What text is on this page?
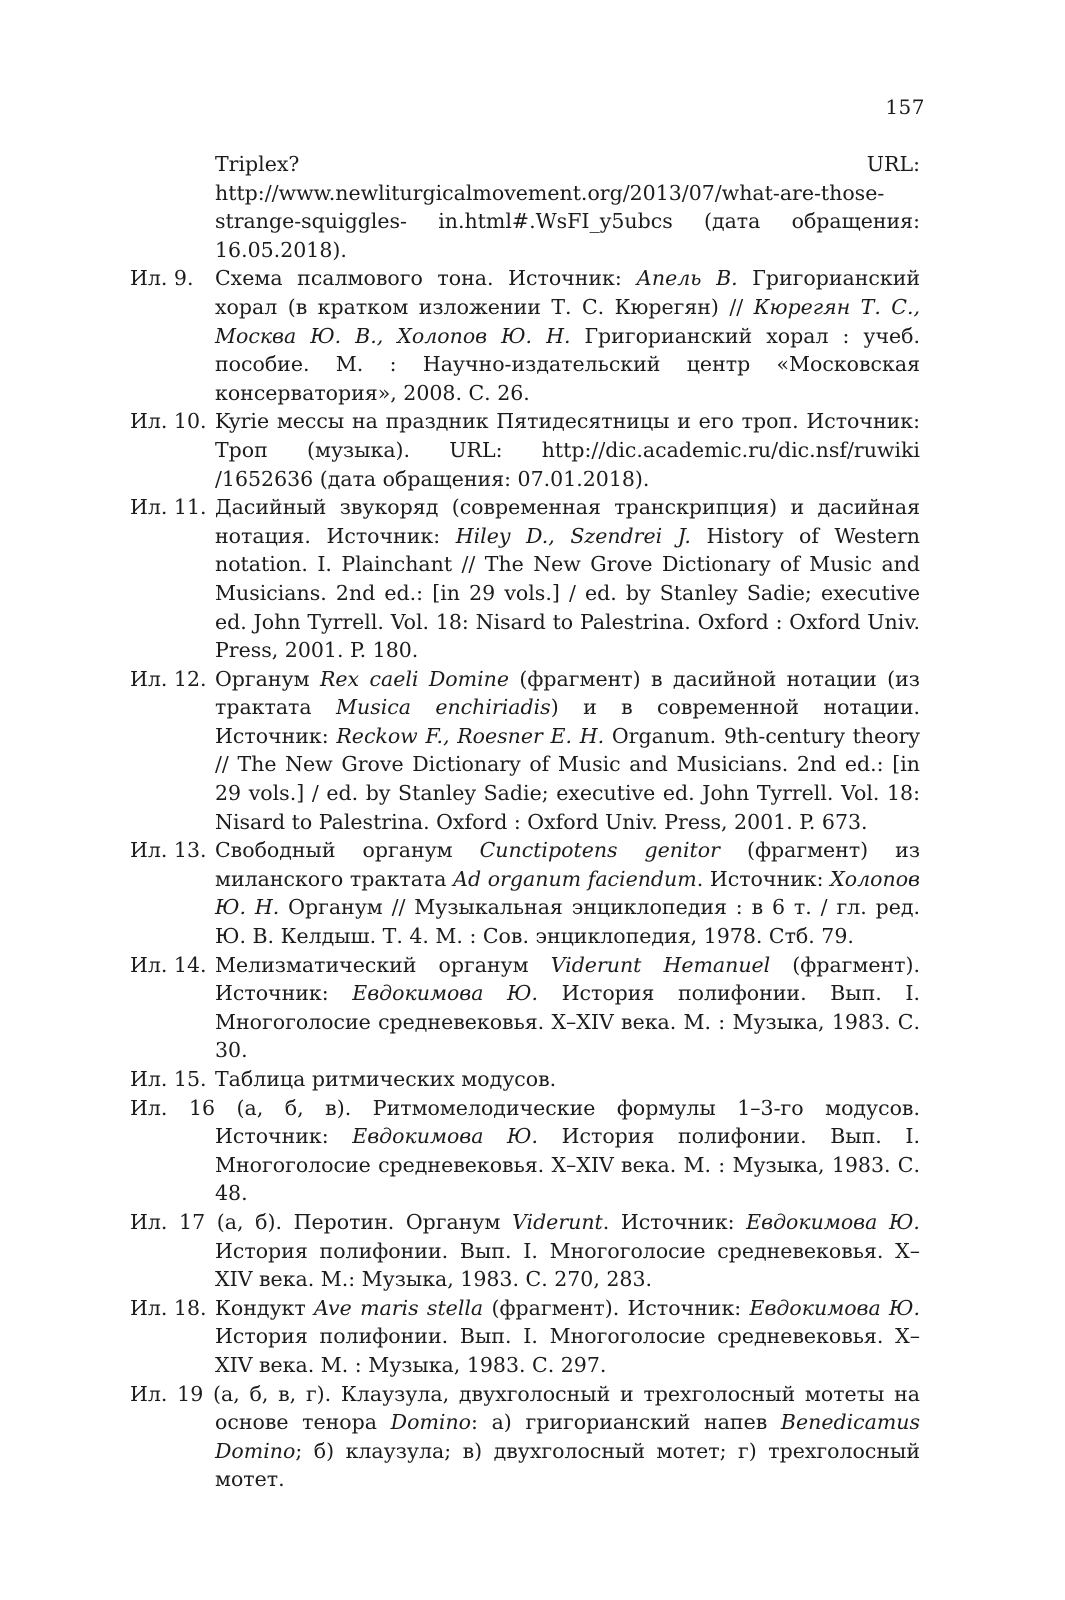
157

Triplex? URL: http://www.newliturgicalmovement.org/2013/07/what-are-those-strange-squiggles- in.html#.WsFI_y5ubcs (дата обращения: 16.05.2018).

Ил. 9. Схема псалмового тона. Источник: Апель В. Григорианский хорал (в кратком изложении Т. С. Кюрегян) // Кюрегян Т. С., Москва Ю. В., Холопов Ю. Н. Григорианский хорал : учеб. пособие. М. : Научно-издательский центр «Московская консерватория», 2008. С. 26.

Ил. 10. Kyrie мессы на праздник Пятидесятницы и его троп. Источник: Троп (музыка). URL: http://dic.academic.ru/dic.nsf/ruwiki /1652636 (дата обращения: 07.01.2018).

Ил. 11. Дасийный звукоряд (современная транскрипция) и дасийная нотация. Источник: Hiley D., Szendrei J. History of Western notation. I. Plainchant // The New Grove Dictionary of Music and Musicians. 2nd ed.: [in 29 vols.] / ed. by Stanley Sadie; executive ed. John Tyrrell. Vol. 18: Nisard to Palestrina. Oxford : Oxford Univ. Press, 2001. P. 180.

Ил. 12. Органум Rex caeli Domine (фрагмент) в дасийной нотации (из трактата Musica enchiriadis) и в современной нотации. Источник: Reckow F., Roesner E. H. Organum. 9th-century theory // The New Grove Dictionary of Music and Musicians. 2nd ed.: [in 29 vols.] / ed. by Stanley Sadie; executive ed. John Tyrrell. Vol. 18: Nisard to Palestrina. Oxford : Oxford Univ. Press, 2001. P. 673.

Ил. 13. Свободный органум Cunctipotens genitor (фрагмент) из миланского трактата Ad organum faciendum. Источник: Холопов Ю. Н. Органум // Музыкальная энциклопедия : в 6 т. / гл. ред. Ю. В. Келдыш. Т. 4. М. : Сов. энциклопедия, 1978. Стб. 79.

Ил. 14. Мелизматический органум Viderunt Hemanuel (фрагмент). Источник: Евдокимова Ю. История полифонии. Вып. I. Многоголосие средневековья. X–XIV века. М. : Музыка, 1983. С. 30.

Ил. 15. Таблица ритмических модусов.

Ил. 16 (а, б, в). Ритмомелодические формулы 1–3-го модусов. Источник: Евдокимова Ю. История полифонии. Вып. I. Многоголосие средневековья. X–XIV века. М. : Музыка, 1983. С. 48.

Ил. 17 (а, б). Перотин. Органум Viderunt. Источник: Евдокимова Ю. История полифонии. Вып. I. Многоголосие средневековья. X–XIV века. М.: Музыка, 1983. С. 270, 283.

Ил. 18. Кондукт Ave maris stella (фрагмент). Источник: Евдокимова Ю. История полифонии. Вып. I. Многоголосие средневековья. X–XIV века. М. : Музыка, 1983. С. 297.

Ил. 19 (а, б, в, г). Клаузула, двухголосный и трехголосный мотеты на основе тенора Domino: а) григорианский напев Benedicamus Domino; б) клаузула; в) двухголосный мотет; г) трехголосный мотет.
